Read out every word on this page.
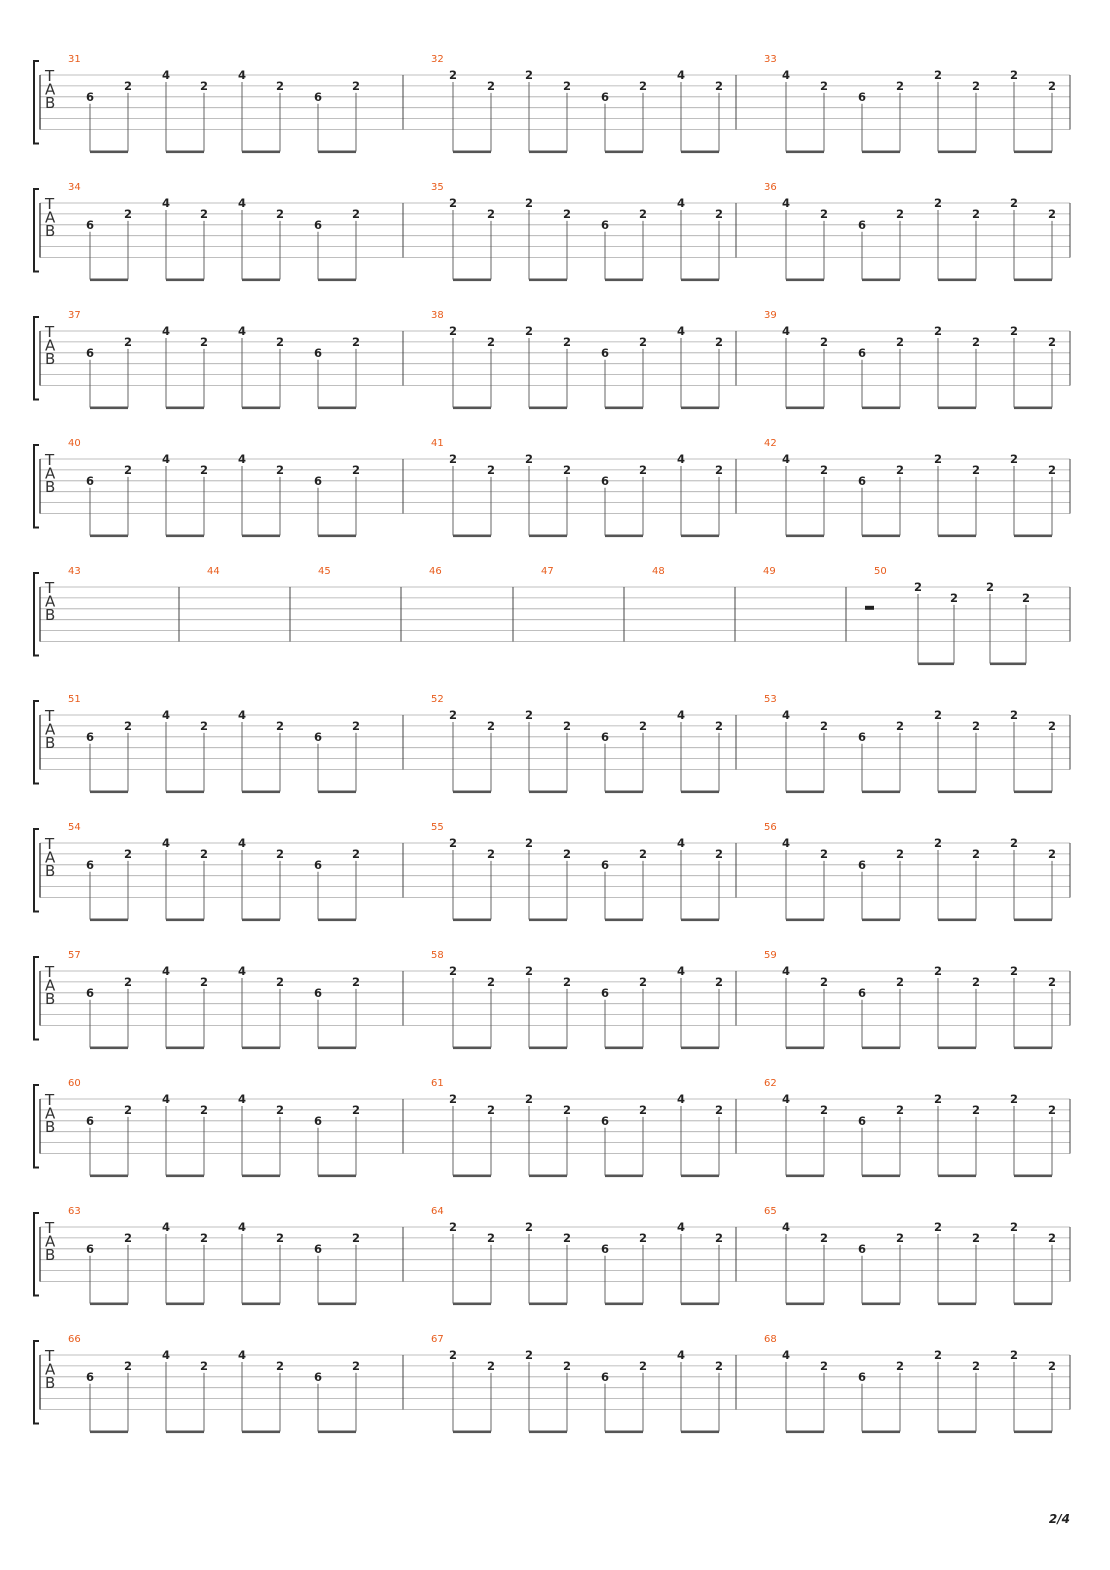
T
A
B
31
6
2
4
2
4
2
6
2
32
2
2
2
2
6
2
4
2
33
4
2
6
2
2
2
2
2
T
A
B
34
6
2
4
2
4
2
6
2
35
2
2
2
2
6
2
4
2
36
4
2
6
2
2
2
2
2
T
A
B
37
6
2
4
2
4
2
6
2
38
2
2
2
2
6
2
4
2
39
4
2
6
2
2
2
2
2
T
A
B
40
6
2
4
2
4
2
6
2
41
2
2
2
2
6
2
4
2
42
4
2
6
2
2
2
2
2
T
A
B
43	44	45	46	47	48	49	50
2
2
2
2
T
A
B
51
6
2
4
2
4
2
6
2
52
2
2
2
2
6
2
4
2
53
4
2
6
2
2
2
2
2
T
A
B
54
6
2
4
2
4
2
6
2
55
2
2
2
2
6
2
4
2
56
4
2
6
2
2
2
2
2
T
A
B
57
6
2
4
2
4
2
6
2
58
2
2
2
2
6
2
4
2
59
4
2
6
2
2
2
2
2
T
A
B
60
6
2
4
2
4
2
6
2
61
2
2
2
2
6
2
4
2
62
4
2
6
2
2
2
2
2
T
A
B
63
6
2
4
2
4
2
6
2
64
2
2
2
2
6
2
4
2
65
4
2
6
2
2
2
2
2
T
A
B
66
6
2
4
2
4
2
6
2
67
2
2
2
2
6
2
4
2
68
4
2
6
2
2
2
2
2
2/4
